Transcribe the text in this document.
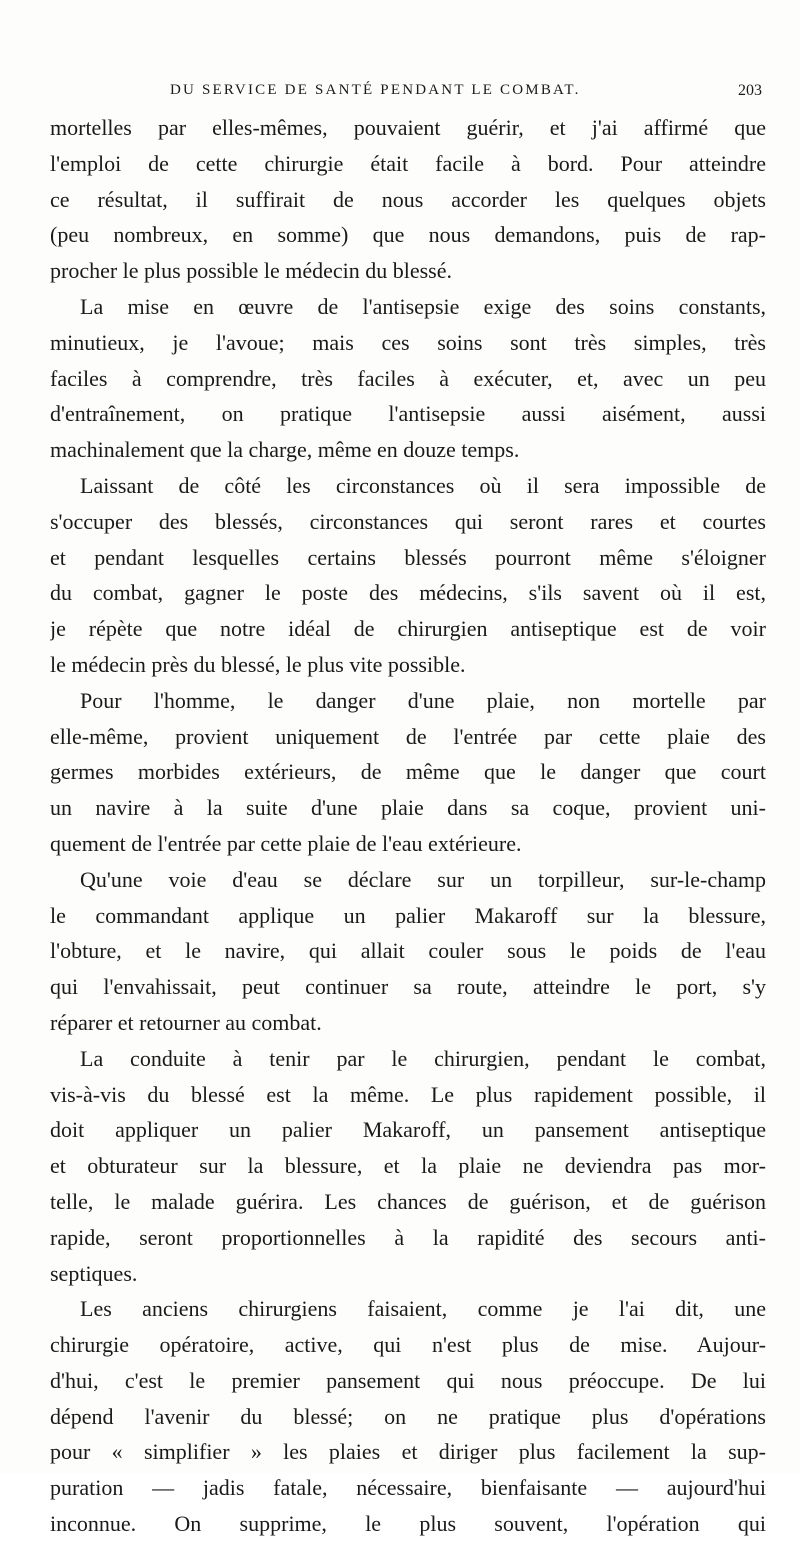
DU SERVICE DE SANTÉ PENDANT LE COMBAT.	203
mortelles par elles-mêmes, pouvaient guérir, et j'ai affirmé que
l'emploi de cette chirurgie était facile à bord. Pour atteindre
ce résultat, il suffirait de nous accorder les quelques objets
(peu nombreux, en somme) que nous demandons, puis de rap-
procher le plus possible le médecin du blessé.
La mise en œuvre de l'antisepsie exige des soins constants,
minutieux, je l'avoue; mais ces soins sont très simples, très
faciles à comprendre, très faciles à exécuter, et, avec un peu
d'entraînement, on pratique l'antisepsie aussi aisément, aussi
machinalement que la charge, même en douze temps.
Laissant de côté les circonstances où il sera impossible de
s'occuper des blessés, circonstances qui seront rares et courtes
et pendant lesquelles certains blessés pourront même s'éloigner
du combat, gagner le poste des médecins, s'ils savent où il est,
je répète que notre idéal de chirurgien antiseptique est de voir
le médecin près du blessé, le plus vite possible.
Pour l'homme, le danger d'une plaie, non mortelle par
elle-même, provient uniquement de l'entrée par cette plaie des
germes morbides extérieurs, de même que le danger que court
un navire à la suite d'une plaie dans sa coque, provient uni-
quement de l'entrée par cette plaie de l'eau extérieure.
Qu'une voie d'eau se déclare sur un torpilleur, sur-le-champ
le commandant applique un palier Makaroff sur la blessure,
l'obture, et le navire, qui allait couler sous le poids de l'eau
qui l'envahissait, peut continuer sa route, atteindre le port, s'y
réparer et retourner au combat.
La conduite à tenir par le chirurgien, pendant le combat,
vis-à-vis du blessé est la même. Le plus rapidement possible, il
doit appliquer un palier Makaroff, un pansement antiseptique
et obturateur sur la blessure, et la plaie ne deviendra pas mor-
telle, le malade guérira. Les chances de guérison, et de guérison
rapide, seront proportionnelles à la rapidité des secours anti-
septiques.
Les anciens chirurgiens faisaient, comme je l'ai dit, une
chirurgie opératoire, active, qui n'est plus de mise. Aujour-
d'hui, c'est le premier pansement qui nous préoccupe. De lui
dépend l'avenir du blessé; on ne pratique plus d'opérations
pour « simplifier » les plaies et diriger plus facilement la sup-
puration — jadis fatale, nécessaire, bienfaisante — aujourd'hui
inconnue. On supprime, le plus souvent, l'opération qui
